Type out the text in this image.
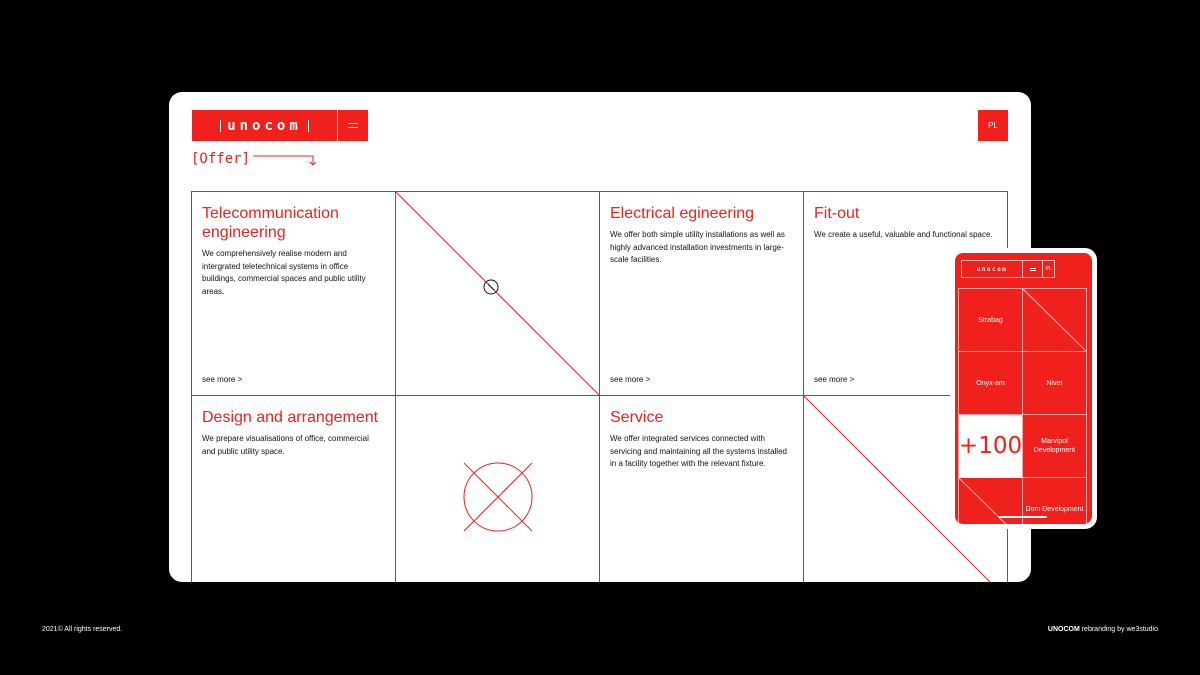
unocom	PL
[Offer]
Telecommunication engineering

We comprehensively realise modern and intergrated teletechnical systems in office buildings, commercial spaces and public utility areas.

see more >
Electrical egineering

We offer both simple utility installations as well as highly advanced installation investments in large-scale facilities.

see more >
Fit-out

We create a useful, valuable and functional space.

see more >
Design and arrangement

We prepare visualisations of office, commercial and public utility space.

Service

We offer integrated services connected with servicing and maintaining all the systems installed in a facility together with the relevant fixture.

unocom	PL
Strabag
Onyx-am	Niver
+100	Marvipol Development
Dom Development
2021© All rights reserved.	UNOCOM rebranding by we3studio
